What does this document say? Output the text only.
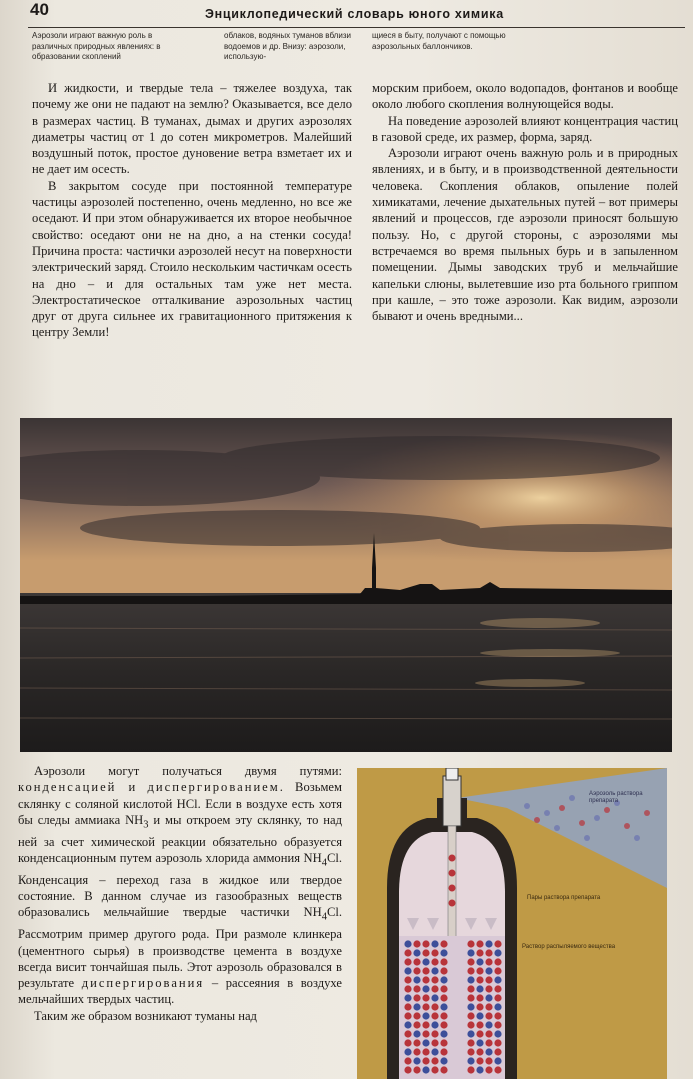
40	Энциклопедический словарь юного химика
Аэрозоли играют важную роль в различных природных явлениях: в образовании скоплений
облаков, водяных туманов вблизи водоемов и др. Внизу: аэрозоли, использую-
щиеся в быту, получают с помощью аэрозольных баллончиков.

И жидкости, и твердые тела – тяжелее воздуха, так почему же они не падают на землю? Оказывается, все дело в размерах частиц. В туманах, дымах и других аэрозолях диаметры частиц от 1 до сотен микрометров. Малейший воздушный поток, простое дуновение ветра взметает их и не дает им осесть.

В закрытом сосуде при постоянной температуре частицы аэрозолей постепенно, очень медленно, но все же оседают. И при этом обнаруживается их второе необычное свойство: оседают они не на дно, а на стенки сосуда! Причина проста: частички аэрозолей несут на поверхности электрический заряд. Стоило нескольким частичкам осесть на дно – и для остальных там уже нет места. Электростатическое отталкивание аэрозольных частиц друг от друга сильнее их гравитационного притяжения к центру Земли!

морским прибоем, около водопадов, фонтанов и вообще около любого скопления волнующейся воды.

На поведение аэрозолей влияют концентрация частиц в газовой среде, их размер, форма, заряд.

Аэрозоли играют очень важную роль и в природных явлениях, и в быту, и в производственной деятельности человека. Скопления облаков, опыление полей химикатами, лечение дыхательных путей – вот примеры явлений и процессов, где аэрозоли приносят большую пользу. Но, с другой стороны, с аэрозолями мы встречаемся во время пыльных бурь и в запыленном помещении. Дымы заводских труб и мельчайшие капельки слюны, вылетевшие изо рта больного гриппом при кашле, – это тоже аэрозоли. Как видим, аэрозоли бывают и очень вредными...

Аэрозоли могут получаться двумя путями: конденсацией и диспергированием. Возьмем склянку с соляной кислотой HCl. Если в воздухе есть хотя бы следы аммиака $NH_3$ и мы откроем эту склянку, то над ней за счет химической реакции обязательно образуется конденсационным путем аэрозоль хлорида аммония $NH_4Cl$. Конденсация – переход газа в жидкое или твердое состояние. В данном случае из газообразных веществ образовались мельчайшие твердые частички $NH_4Cl$. Рассмотрим пример другого рода. При размоле клинкера (цементного сырья) в производстве цемента в воздухе всегда висит тончайшая пыль. Этот аэрозоль образовался в результате диспергирования – рассеяния в воздухе мельчайших твердых частиц.

Таким же образом возникают туманы над

Аэрозоль раствора препарата
Пары раствора препарата
Раствор распыляемого вещества
